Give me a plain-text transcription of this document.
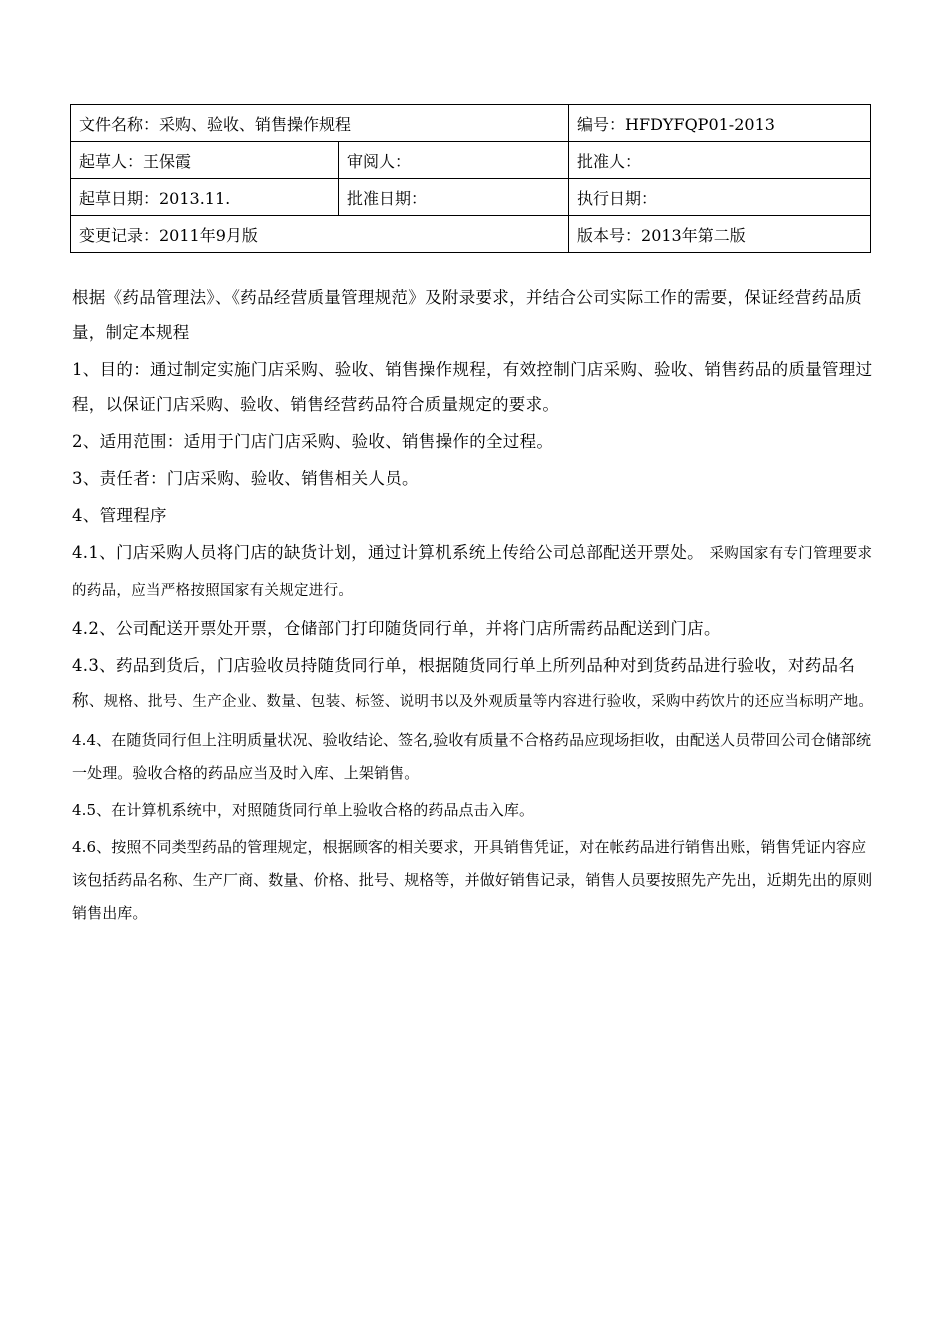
文件名称：采购、验收、销售操作规程		编号：HFDYFQP01-2013
起草人：王保霞	审阅人：	批准人：
起草日期：2013.11.	批准日期：	执行日期：
变更记录：2011年9月版		版本号：2013年第二版

根据《药品管理法》、《药品经营质量管理规范》及附录要求，并结合公司实际工作的需要，保证经营药品质量，制定本规程

1、目的：通过制定实施门店采购、验收、销售操作规程，有效控制门店采购、验收、销售药品的质量管理过程，以保证门店采购、验收、销售经营药品符合质量规定的要求。

2、适用范围：适用于门店门店采购、验收、销售操作的全过程。

3、责任者：门店采购、验收、销售相关人员。

4、管理程序

4.1、门店采购人员将门店的缺货计划，通过计算机系统上传给公司总部配送开票处。 采购国家有专门管理要求的药品，应当严格按照国家有关规定进行。

4.2、公司配送开票处开票，仓储部门打印随货同行单，并将门店所需药品配送到门店。

4.3、药品到货后，门店验收员持随货同行单，根据随货同行单上所列品种对到货药品进行验收，对药品名称、规格、批号、生产企业、数量、包装、标签、说明书以及外观质量等内容进行验收，采购中药饮片的还应当标明产地。

4.4、在随货同行但上注明质量状况、验收结论、签名,验收有质量不合格药品应现场拒收，由配送人员带回公司仓储部统一处理。验收合格的药品应当及时入库、上架销售。

4.5、在计算机系统中，对照随货同行单上验收合格的药品点击入库。

4.6、按照不同类型药品的管理规定，根据顾客的相关要求，开具销售凭证，对在帐药品进行销售出账，销售凭证内容应该包括药品名称、生产厂商、数量、价格、批号、规格等，并做好销售记录，销售人员要按照先产先出，近期先出的原则销售出库。
